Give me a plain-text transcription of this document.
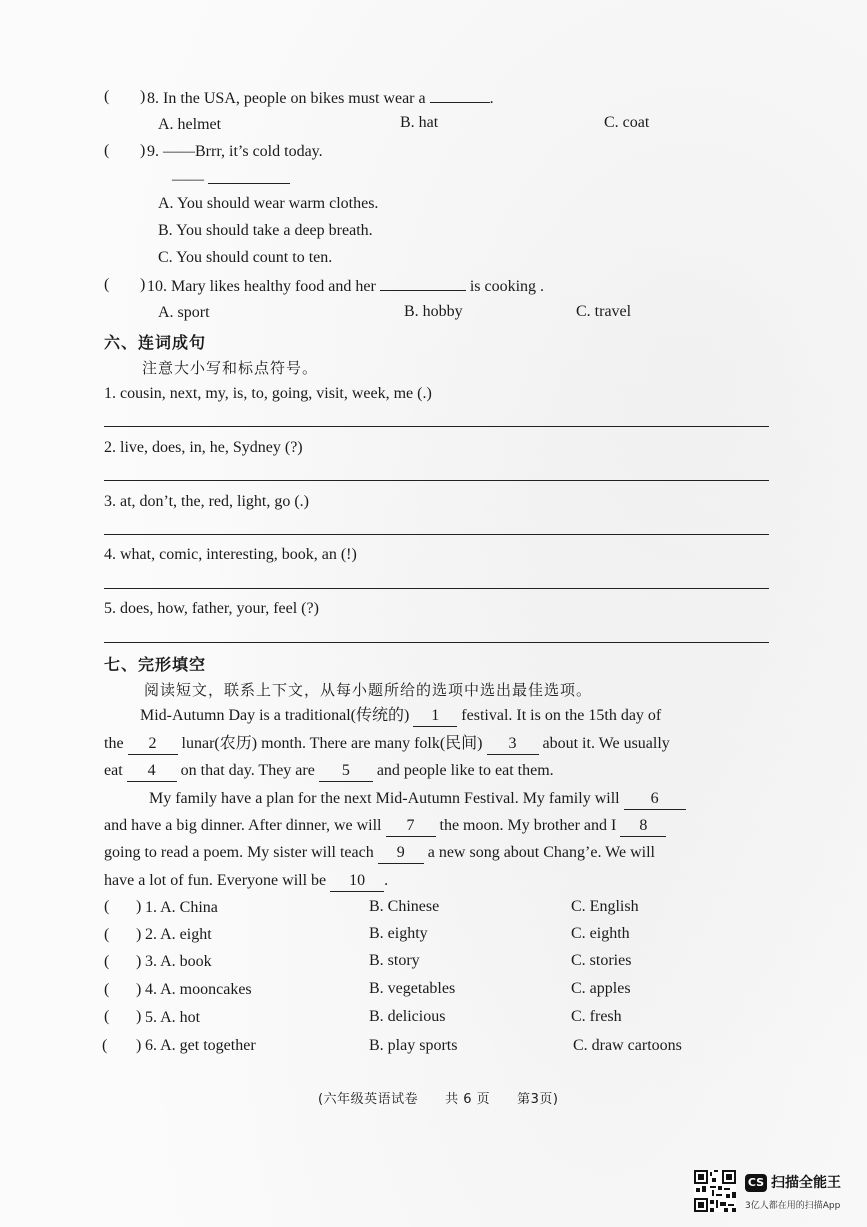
( ) 8. In the USA, people on bikes must wear a	.
A. helmet	B. hat	C. coat
( ) 9. ——Brrr, it’s cold today.
——
A. You should wear warm clothes.
B. You should take a deep breath.
C. You should count to ten.
( ) 10. Mary likes healthy food and her	is cooking .
A. sport	B. hobby	C. travel
六、连词成句
注意大小写和标点符号。
1. cousin, next, my, is, to, going, visit, week, me (.)
2. live, does, in, he, Sydney (?)
3. at, don’t, the, red, light, go (.)
4. what, comic, interesting, book, an (!)
5. does, how, father, your, feel (?)
七、完形填空
阅读短文，联系上下文，从每小题所给的选项中选出最佳选项。
Mid-Autumn Day is a traditional(传统的) 1 festival. It is on the 15th day of
the 2 lunar(农历) month. There are many folk(民间) 3 about it. We usually
eat 4 on that day. They are 5 and people like to eat them.
My family have a plan for the next Mid-Autumn Festival. My family will 6
and have a big dinner. After dinner, we will 7 the moon. My brother and I 8
going to read a poem. My sister will teach 9 a new song about Chang’e. We will
have a lot of fun. Everyone will be 10 .
( ) 1. A. China	B. Chinese	C. English
( ) 2. A. eight	B. eighty	C. eighth
( ) 3. A. book	B. story	C. stories
( ) 4. A. mooncakes	B. vegetables	C. apples
( ) 5. A. hot	B. delicious	C. fresh
( ) 6. A. get together	B. play sports	C. draw cartoons
(六年级英语试卷　　共 6 页　　第3页)
CS 扫描全能王
3亿人都在用的扫描App
